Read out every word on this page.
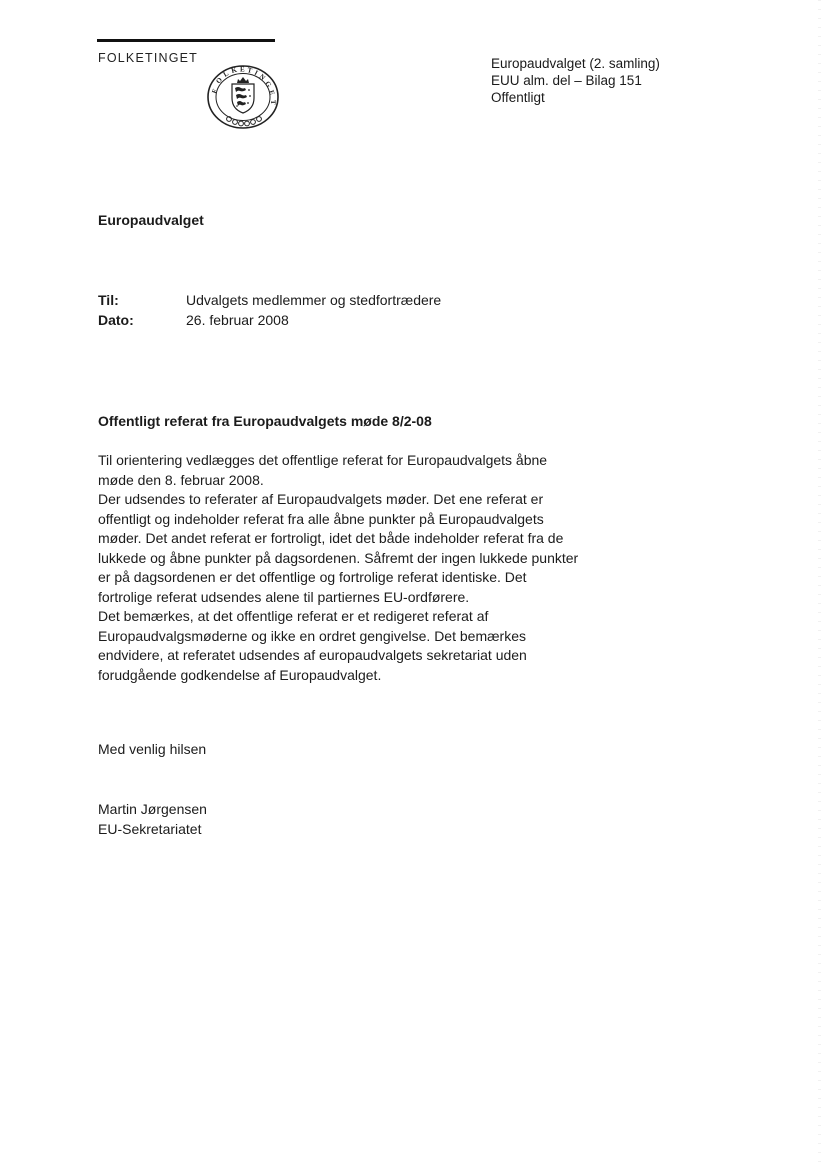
FOLKETINGET
F
O
L K E T I
N
G
E
T
Europaudvalget (2. samling)
EUU alm. del – Bilag 151
Offentligt
Europaudvalget
Til:	Udvalgets medlemmer og stedfortrædere
Dato:	26. februar 2008
Offentligt referat fra Europaudvalgets møde 8/2-08
Til orientering vedlægges det offentlige referat for Europaudvalgets åbne
møde den 8. februar 2008.
Der udsendes to referater af Europaudvalgets møder. Det ene referat er
offentligt og indeholder referat fra alle åbne punkter på Europaudvalgets
møder. Det andet referat er fortroligt, idet det både indeholder referat fra de
lukkede og åbne punkter på dagsordenen. Såfremt der ingen lukkede punkter
er på dagsordenen er det offentlige og fortrolige referat identiske. Det
fortrolige referat udsendes alene til partiernes EU-ordførere.
Det bemærkes, at det offentlige referat er et redigeret referat af
Europaudvalgsmøderne og ikke en ordret gengivelse. Det bemærkes
endvidere, at referatet udsendes af europaudvalgets sekretariat uden
forudgående godkendelse af Europaudvalget.
Med venlig hilsen
Martin Jørgensen
EU-Sekretariatet
